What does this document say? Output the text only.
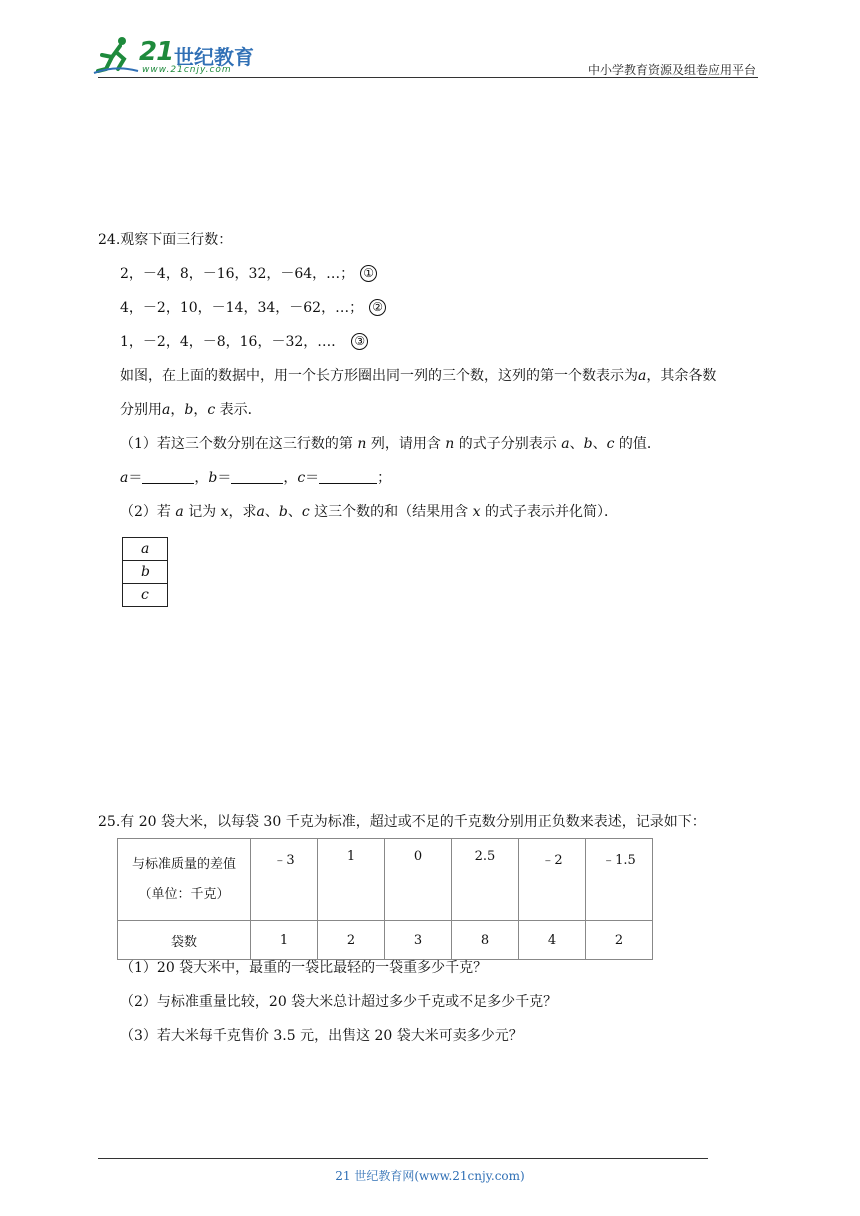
21 世纪教育
www.21cnjy.com	中小学教育资源及组卷应用平台
24.观察下面三行数：
2，－4，8，－16，32，－64，…； ①
4，－2，10，－14，34，－62，…； ②
1，－2，4，－8，16，－32，…． ③
如图，在上面的数据中，用一个长方形圈出同一列的三个数，这列的第一个数表示为a，其余各数
分别用a，b，c 表示．
（1）若这三个数分别在这三行数的第 n 列，请用含 n 的式子分别表示 a、b、c 的值．
a＝	，b＝	，c＝	；
（2）若 a 记为 x，求a、b、c 这三个数的和（结果用含 x 的式子表示并化简）．
a
b
c
25.有 20 袋大米，以每袋 30 千克为标准，超过或不足的千克数分别用正负数来表述，记录如下：
与标准质量的差值
（单位：千克）	﹣3	1	0	2.5	﹣2	﹣1.5
袋数	1	2	3	8	4	2
（1）20 袋大米中，最重的一袋比最轻的一袋重多少千克？
（2）与标准重量比较，20 袋大米总计超过多少千克或不足多少千克？
（3）若大米每千克售价 3.5 元，出售这 20 袋大米可卖多少元？
21 世纪教育网(www.21cnjy.com)
